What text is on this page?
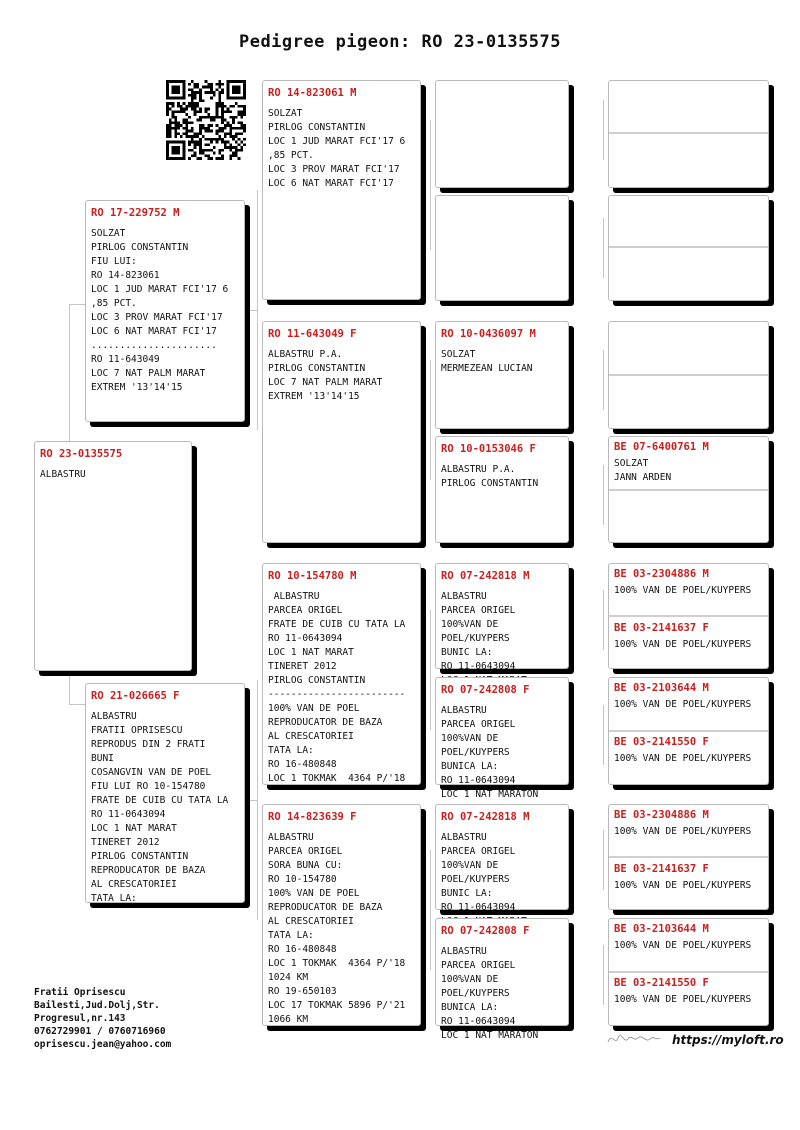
Pedigree pigeon: RO 23-0135575
RO 23-0135575
ALBASTRU
RO 17-229752 M
SOLZAT
PIRLOG CONSTANTIN
FIU LUI:
RO 14-823061
LOC 1 JUD MARAT FCI'17 6
,85 PCT.
LOC 3 PROV MARAT FCI'17
LOC 6 NAT MARAT FCI'17
......................
RO 11-643049
LOC 7 NAT PALM MARAT
EXTREM '13'14'15
RO 21-026665 F
ALBASTRU
FRATII OPRISESCU
REPRODUS DIN 2 FRATI
BUNI
COSANGVIN VAN DE POEL
FIU LUI RO 10-154780
FRATE DE CUIB CU TATA LA
RO 11-0643094
LOC 1 NAT MARAT
TINERET 2012
PIRLOG CONSTANTIN
REPRODUCATOR DE BAZA
AL CRESCATORIEI
TATA LA:
RO 14-823061 M
SOLZAT
PIRLOG CONSTANTIN
LOC 1 JUD MARAT FCI'17 6
,85 PCT.
LOC 3 PROV MARAT FCI'17
LOC 6 NAT MARAT FCI'17
RO 11-643049 F
ALBASTRU P.A.
PIRLOG CONSTANTIN
LOC 7 NAT PALM MARAT
EXTREM '13'14'15
RO 10-154780 M
ALBASTRU
PARCEA ORIGEL
FRATE DE CUIB CU TATA LA
RO 11-0643094
LOC 1 NAT MARAT
TINERET 2012
PIRLOG CONSTANTIN
------------------------
100% VAN DE POEL
REPRODUCATOR DE BAZA
AL CRESCATORIEI
TATA LA:
RO 16-480848
LOC 1 TOKMAK  4364 P/'18
RO 14-823639 F
ALBASTRU
PARCEA ORIGEL
SORA BUNA CU:
RO 10-154780
100% VAN DE POEL
REPRODUCATOR DE BAZA
AL CRESCATORIEI
TATA LA:
RO 16-480848
LOC 1 TOKMAK  4364 P/'18
1024 KM
RO 19-650103
LOC 17 TOKMAK 5896 P/'21
1066 KM
RO 10-0436097 M
SOLZAT
MERMEZEAN LUCIAN
RO 10-0153046 F
ALBASTRU P.A.
PIRLOG CONSTANTIN
RO 07-242818 M
ALBASTRU
PARCEA ORIGEL
100%VAN DE POEL/KUYPERS
BUNIC LA:
RO 11-0643094

RO 07-242808 F
ALBASTRU
PARCEA ORIGEL
100%VAN DE POEL/KUYPERS
BUNICA LA:
RO 11-0643094
LOC 1 NAT MARATON
RO 07-242818 M
ALBASTRU
PARCEA ORIGEL
100%VAN DE POEL/KUYPERS
BUNIC LA:
RO 11-0643094

RO 07-242808 F
ALBASTRU
PARCEA ORIGEL
100%VAN DE POEL/KUYPERS
BUNICA LA:
RO 11-0643094
LOC 1 NAT MARATON
BE 07-6400761 M
SOLZAT
JANN ARDEN
BE 03-2304886 M
100% VAN DE POEL/KUYPERS
BE 03-2141637 F
100% VAN DE POEL/KUYPERS
BE 03-2103644 M
100% VAN DE POEL/KUYPERS
BE 03-2141550 F
100% VAN DE POEL/KUYPERS
BE 03-2304886 M
100% VAN DE POEL/KUYPERS
BE 03-2141637 F
100% VAN DE POEL/KUYPERS
BE 03-2103644 M
100% VAN DE POEL/KUYPERS
BE 03-2141550 F
100% VAN DE POEL/KUYPERS
Fratii Oprisescu
Bailesti,Jud.Dolj,Str.
Progresul,nr.143
0762729901 / 0760716960
oprisescu.jean@yahoo.com	https://myloft.ro
